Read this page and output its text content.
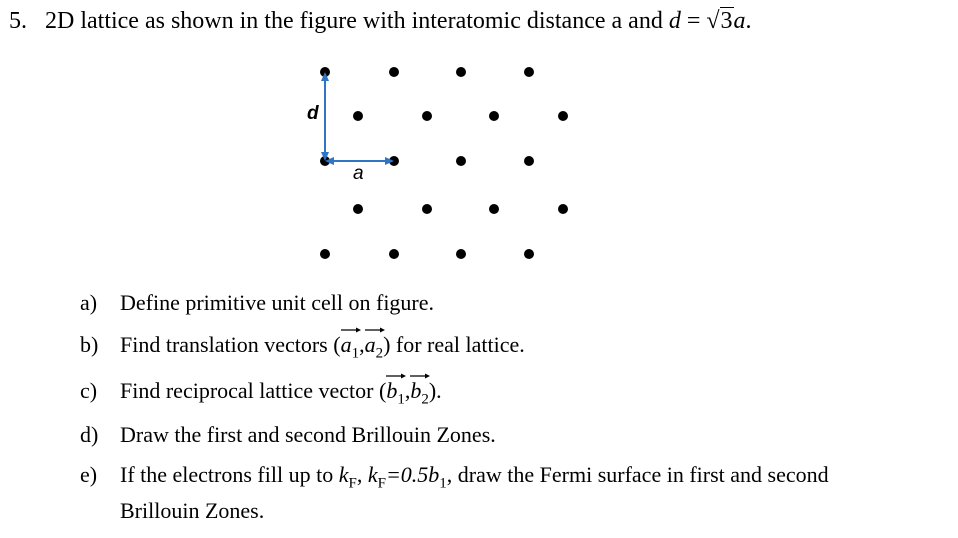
5. 2D lattice as shown in the figure with interatomic distance a and d = √3a.
d
a
a) Define primitive unit cell on figure.
b) Find translation vectors (
$a_1$,
$a_2$) for real lattice.
c) Find reciprocal lattice vector (
$b_1$,
$b_2$).
d) Draw the first and second Brillouin Zones.
e) If the electrons fill up to $k_F$, $k_F=0.5b_1$, draw the Fermi surface in first and second
Brillouin Zones.
